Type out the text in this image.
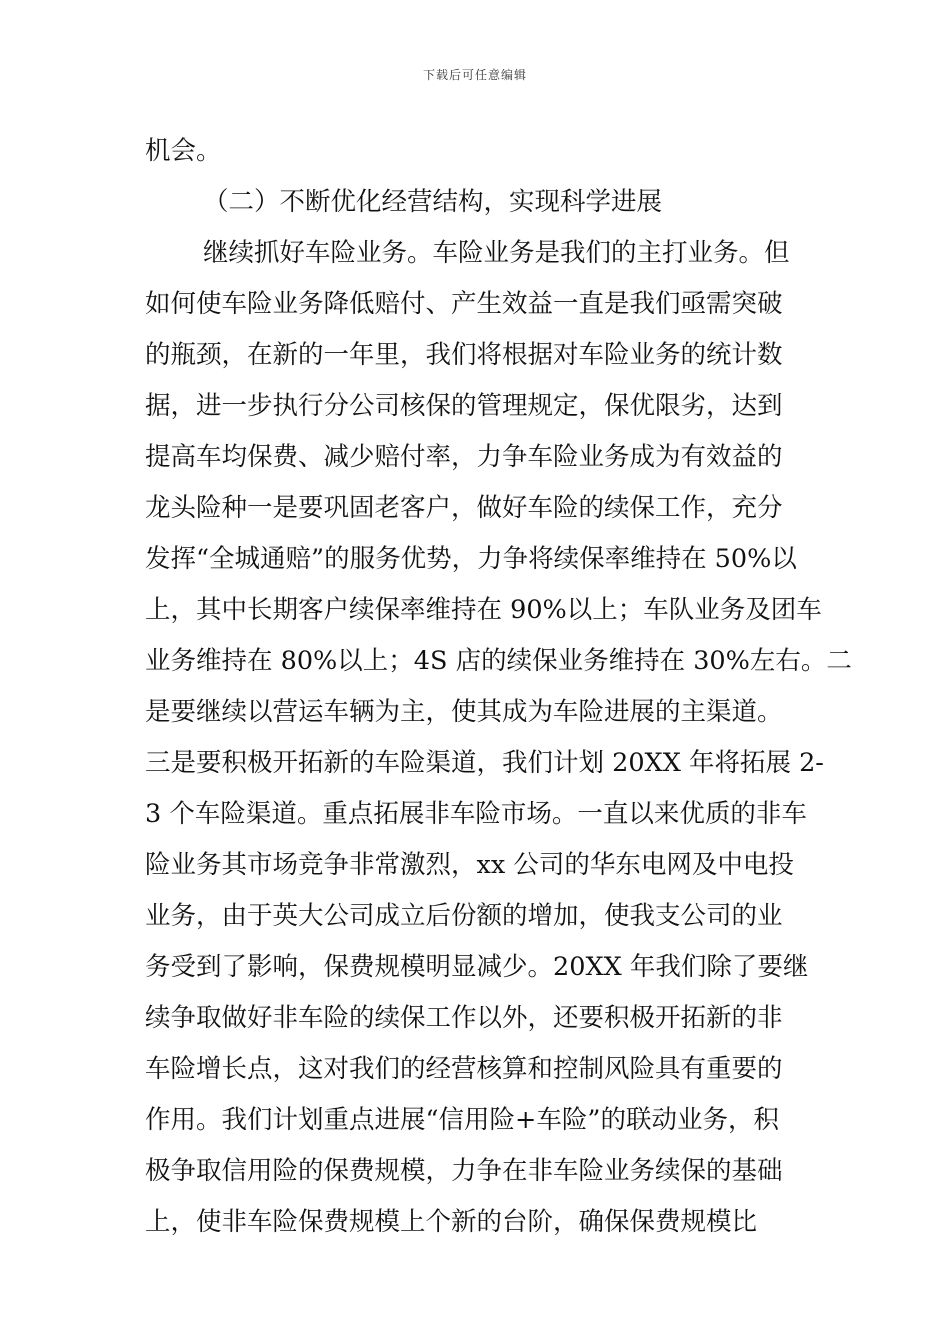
下载后可任意编辑
机会。
（二）不断优化经营结构，实现科学进展
继续抓好车险业务。车险业务是我们的主打业务。但
如何使车险业务降低赔付、产生效益一直是我们亟需突破
的瓶颈，在新的一年里，我们将根据对车险业务的统计数
据，进一步执行分公司核保的管理规定，保优限劣，达到
提高车均保费、减少赔付率，力争车险业务成为有效益的
龙头险种一是要巩固老客户，做好车险的续保工作，充分
发挥“全城通赔”的服务优势，力争将续保率维持在 50%以
上，其中长期客户续保率维持在 90%以上；车队业务及团车
业务维持在 80%以上；4S 店的续保业务维持在 30%左右。二
是要继续以营运车辆为主，使其成为车险进展的主渠道。
三是要积极开拓新的车险渠道，我们计划 20XX 年将拓展 2-
3 个车险渠道。重点拓展非车险市场。一直以来优质的非车
险业务其市场竞争非常激烈，xx 公司的华东电网及中电投
业务，由于英大公司成立后份额的增加，使我支公司的业
务受到了影响，保费规模明显减少。20XX 年我们除了要继
续争取做好非车险的续保工作以外，还要积极开拓新的非
车险增长点，这对我们的经营核算和控制风险具有重要的
作用。我们计划重点进展“信用险+车险”的联动业务，积
极争取信用险的保费规模，力争在非车险业务续保的基础
上，使非车险保费规模上个新的台阶，确保保费规模比
